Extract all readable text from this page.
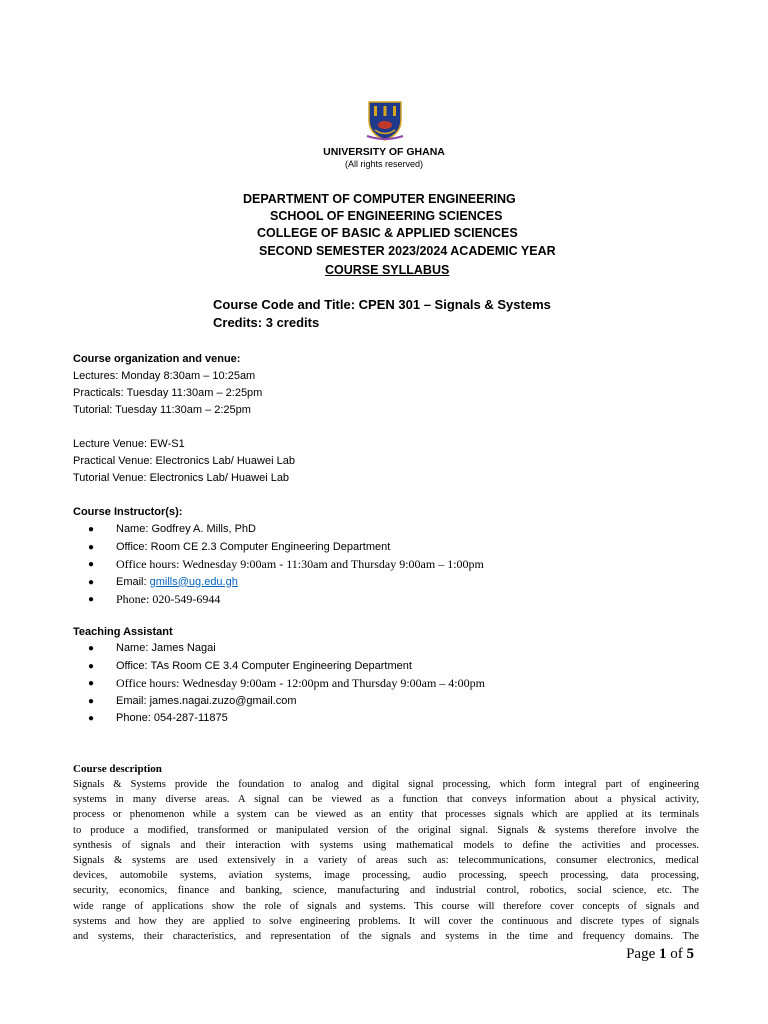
UNIVERSITY OF GHANA
(All rights reserved)
DEPARTMENT OF COMPUTER ENGINEERING
SCHOOL OF ENGINEERING SCIENCES
COLLEGE OF BASIC & APPLIED SCIENCES
SECOND SEMESTER 2023/2024 ACADEMIC YEAR
COURSE SYLLABUS
Course Code and Title: CPEN 301 – Signals & Systems
Credits: 3 credits
Course organization and venue:
Lectures: Monday 8:30am – 10:25am
Practicals: Tuesday 11:30am – 2:25pm
Tutorial: Tuesday 11:30am – 2:25pm
Lecture Venue: EW-S1
Practical Venue: Electronics Lab/ Huawei Lab
Tutorial Venue: Electronics Lab/ Huawei Lab
Course Instructor(s):
● Name: Godfrey A. Mills, PhD
● Office: Room CE 2.3 Computer Engineering Department
● Office hours: Wednesday 9:00am - 11:30am and Thursday 9:00am – 1:00pm
● Email: gmills@ug.edu.gh
● Phone: 020-549-6944
Teaching Assistant
● Name: James Nagai
● Office: TAs Room CE 3.4 Computer Engineering Department
● Office hours: Wednesday 9:00am - 12:00pm and Thursday 9:00am – 4:00pm
● Email: james.nagai.zuzo@gmail.com
● Phone: 054-287-11875
Course description
Signals & Systems provide the foundation to analog and digital signal processing, which form integral part of engineering
systems in many diverse areas. A signal can be viewed as a function that conveys information about a physical activity,
process or phenomenon while a system can be viewed as an entity that processes signals which are applied at its terminals
to produce a modified, transformed or manipulated version of the original signal. Signals & systems therefore involve the
synthesis of signals and their interaction with systems using mathematical models to define the activities and processes.
Signals & systems are used extensively in a variety of areas such as: telecommunications, consumer electronics, medical
devices, automobile systems, aviation systems, image processing, audio processing, speech processing, data processing,
security, economics, finance and banking, science, manufacturing and industrial control, robotics, social science, etc. The
wide range of applications show the role of signals and systems. This course will therefore cover concepts of signals and
systems and how they are applied to solve engineering problems. It will cover the continuous and discrete types of signals
and systems, their characteristics, and representation of the signals and systems in the time and frequency domains. The
Page 1 of 5
